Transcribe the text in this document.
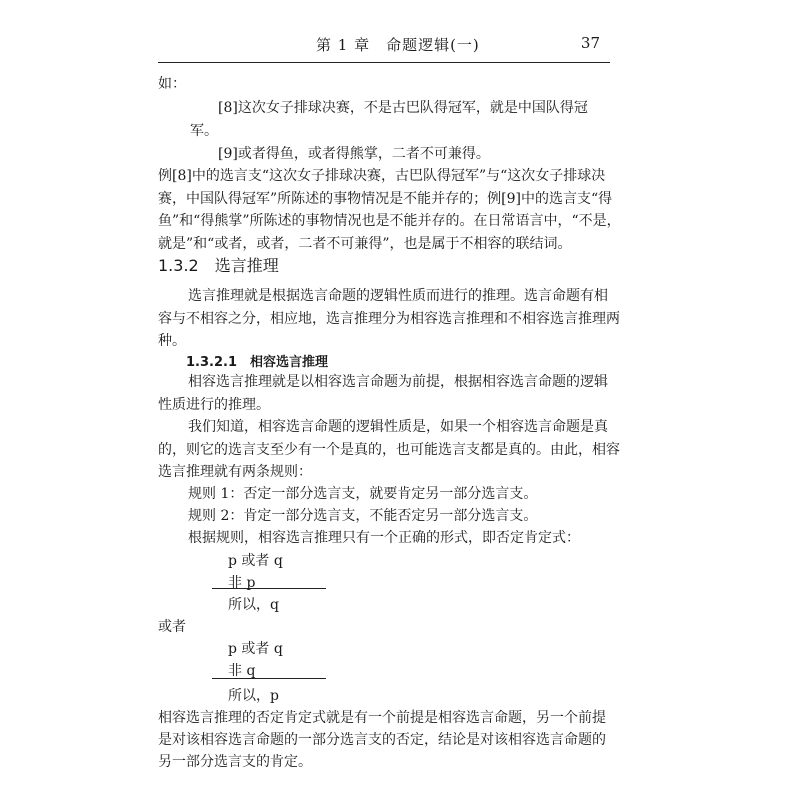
第 1 章　命题逻辑(一)	37
如：
[8]这次女子排球决赛，不是古巴队得冠军，就是中国队得冠
军。
[9]或者得鱼，或者得熊掌，二者不可兼得。
例[8]中的选言支“这次女子排球决赛，古巴队得冠军”与“这次女子排球决
赛，中国队得冠军”所陈述的事物情况是不能并存的；例[9]中的选言支“得
鱼”和“得熊掌”所陈述的事物情况也是不能并存的。在日常语言中，“不是，
就是”和“或者，或者，二者不可兼得”，也是属于不相容的联结词。
1.3.2　选言推理
选言推理就是根据选言命题的逻辑性质而进行的推理。选言命题有相
容与不相容之分，相应地，选言推理分为相容选言推理和不相容选言推理两
种。
1.3.2.1　相容选言推理
相容选言推理就是以相容选言命题为前提，根据相容选言命题的逻辑
性质进行的推理。
我们知道，相容选言命题的逻辑性质是，如果一个相容选言命题是真
的，则它的选言支至少有一个是真的，也可能选言支都是真的。由此，相容
选言推理就有两条规则：
规则 1：否定一部分选言支，就要肯定另一部分选言支。
规则 2：肯定一部分选言支，不能否定另一部分选言支。
根据规则，相容选言推理只有一个正确的形式，即否定肯定式：
p 或者 q
非 p
所以，q
或者
p 或者 q
非 q
所以，p
相容选言推理的否定肯定式就是有一个前提是相容选言命题，另一个前提
是对该相容选言命题的一部分选言支的否定，结论是对该相容选言命题的
另一部分选言支的肯定。
